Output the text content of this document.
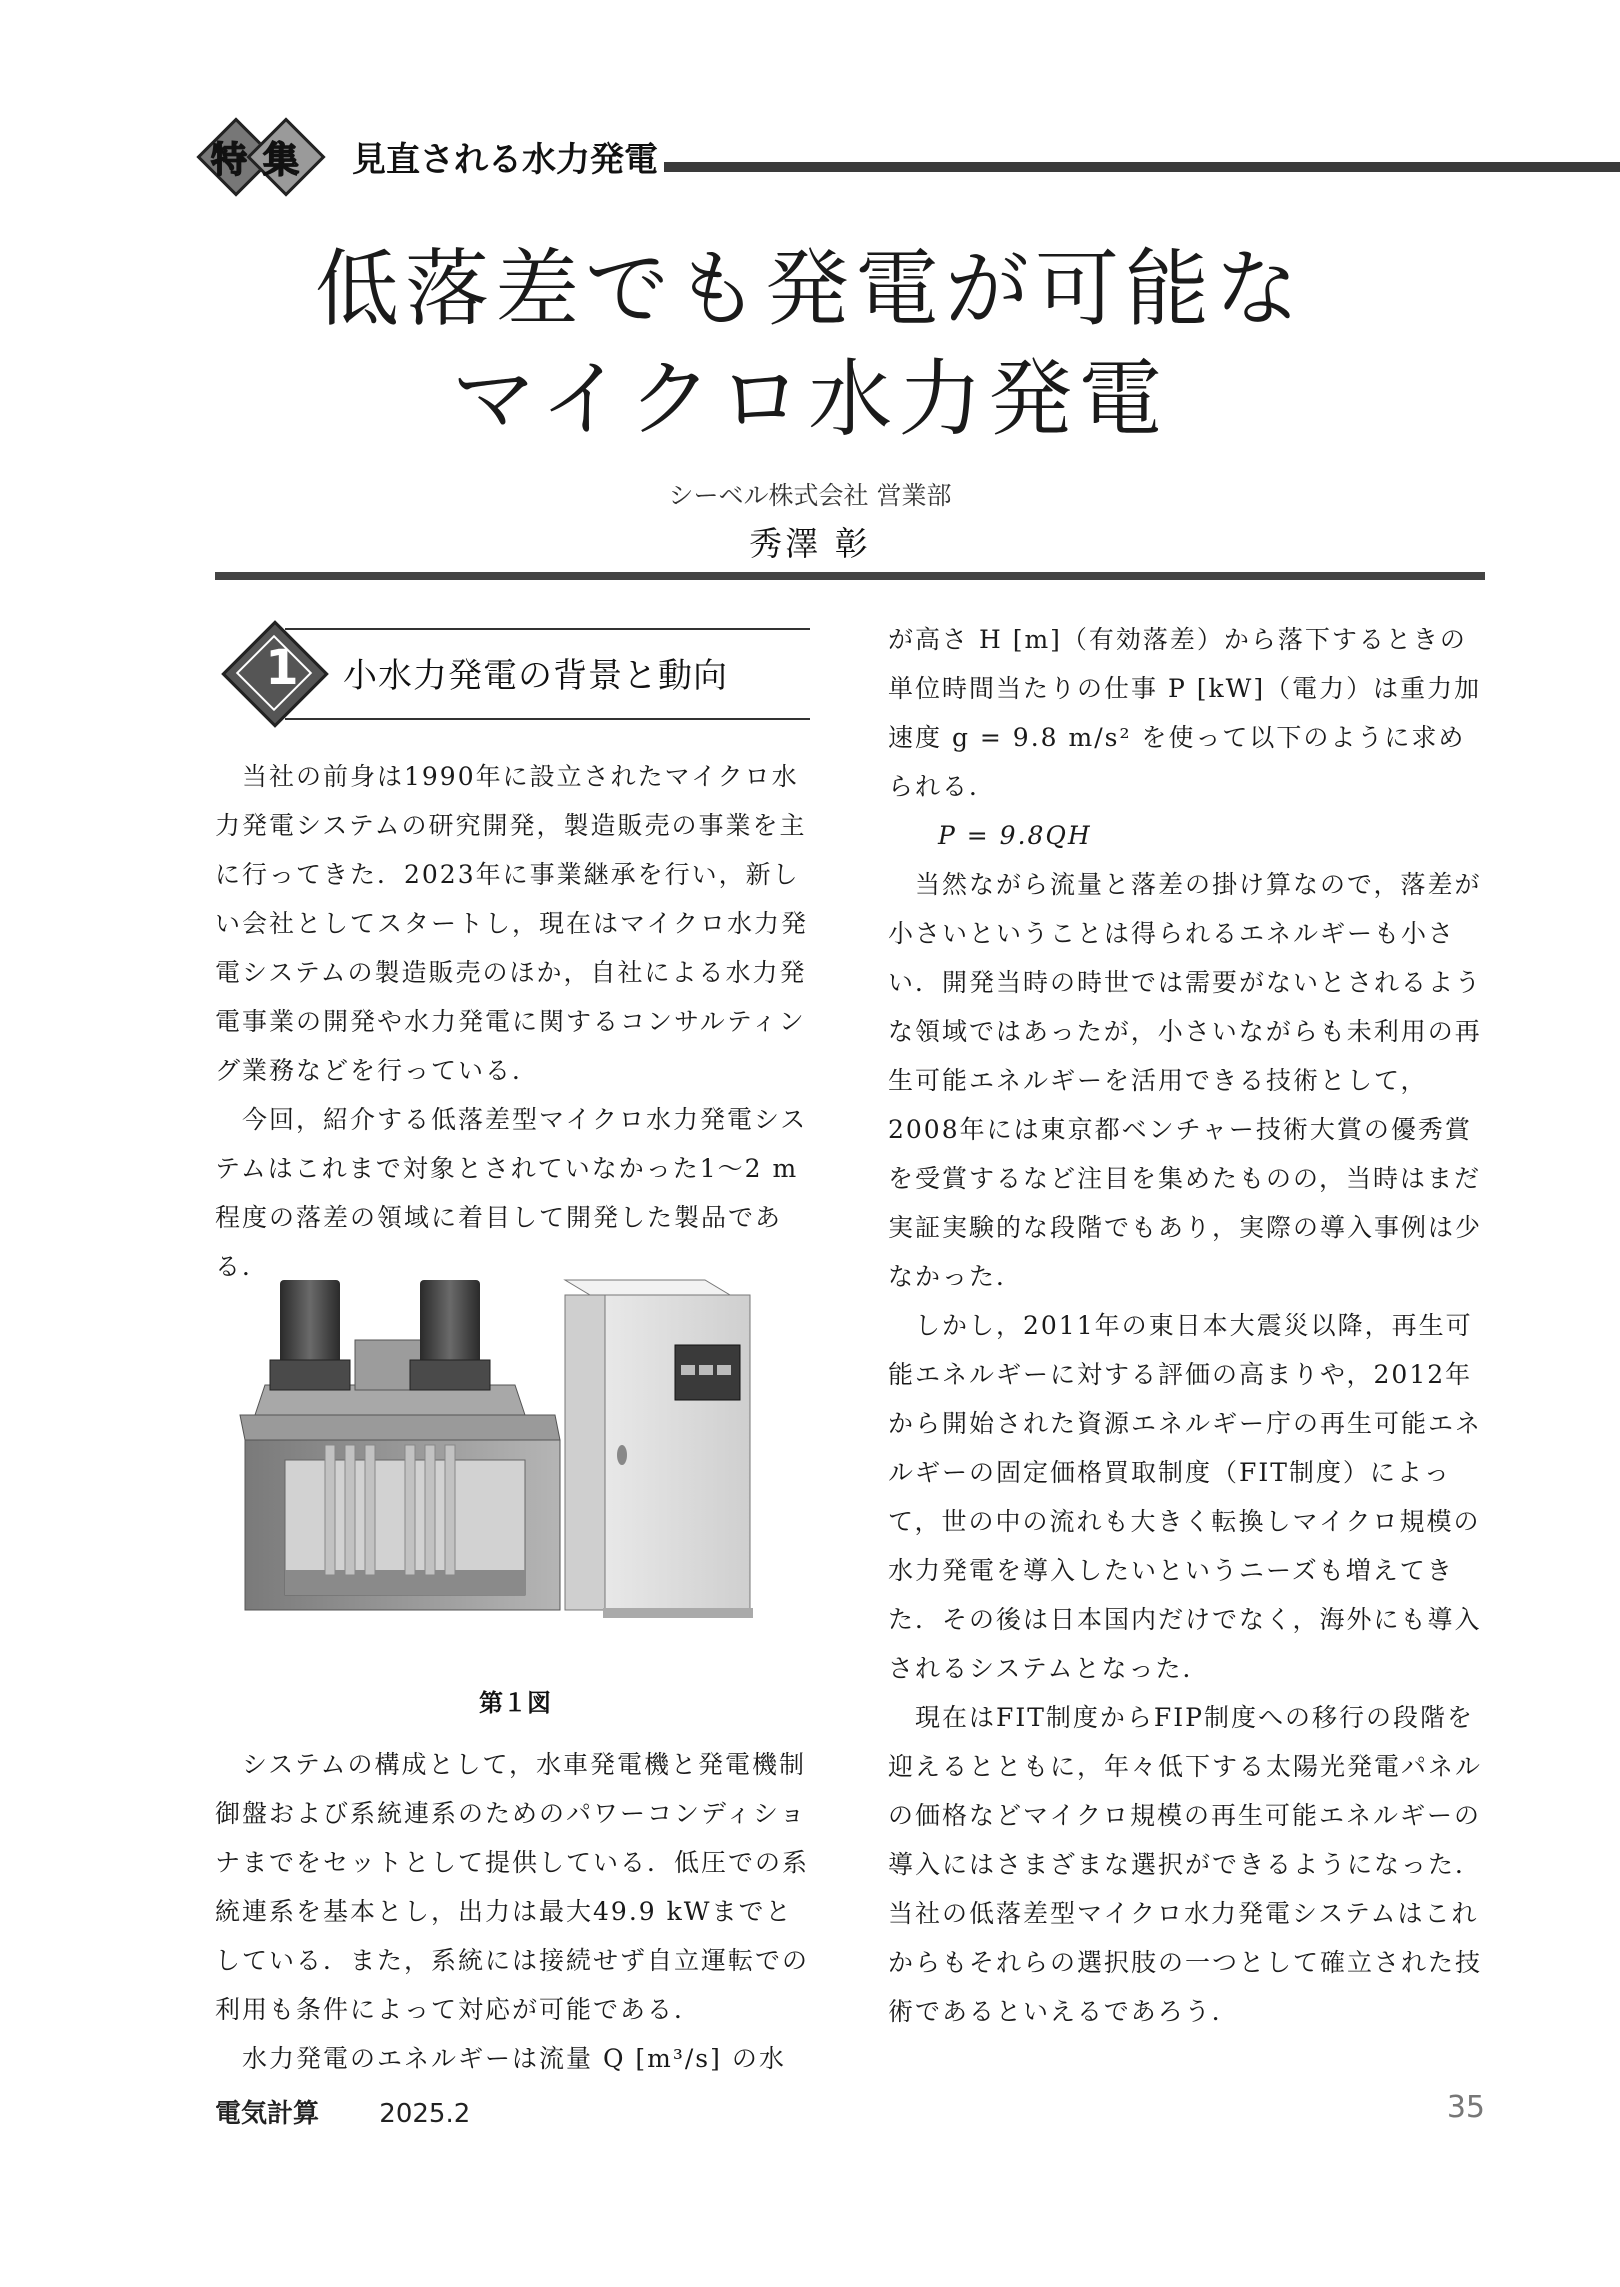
特 集 見直される水力発電
低落差でも発電が可能な
マイクロ水力発電
シーベル株式会社 営業部
秀澤 彰
1 小水力発電の背景と動向

当社の前身は1990年に設立されたマイクロ水力発電システムの研究開発，製造販売の事業を主に行ってきた．2023年に事業継承を行い，新しい会社としてスタートし，現在はマイクロ水力発電システムの製造販売のほか，自社による水力発電事業の開発や水力発電に関するコンサルティング業務などを行っている．

今回，紹介する低落差型マイクロ水力発電システムはこれまで対象とされていなかった1〜2 m程度の落差の領域に着目して開発した製品である．

第１図

システムの構成として，水車発電機と発電機制御盤および系統連系のためのパワーコンディショナまでをセットとして提供している．低圧での系統連系を基本とし，出力は最大49.9 kWまでとしている．また，系統には接続せず自立運転での利用も条件によって対応が可能である．

水力発電のエネルギーは流量 Q [m³/s] の水

が高さ H [m]（有効落差）から落下するときの単位時間当たりの仕事 P [kW]（電力）は重力加速度 g = 9.8 m/s² を使って以下のように求められる．

P = 9.8QH

当然ながら流量と落差の掛け算なので，落差が小さいということは得られるエネルギーも小さい．開発当時の時世では需要がないとされるような領域ではあったが，小さいながらも未利用の再生可能エネルギーを活用できる技術として，2008年には東京都ベンチャー技術大賞の優秀賞を受賞するなど注目を集めたものの，当時はまだ実証実験的な段階でもあり，実際の導入事例は少なかった．

しかし，2011年の東日本大震災以降，再生可能エネルギーに対する評価の高まりや，2012年から開始された資源エネルギー庁の再生可能エネルギーの固定価格買取制度（FIT制度）によって，世の中の流れも大きく転換しマイクロ規模の水力発電を導入したいというニーズも増えてきた．その後は日本国内だけでなく，海外にも導入されるシステムとなった．

現在はFIT制度からFIP制度への移行の段階を迎えるとともに，年々低下する太陽光発電パネルの価格などマイクロ規模の再生可能エネルギーの導入にはさまざまな選択ができるようになった．当社の低落差型マイクロ水力発電システムはこれからもそれらの選択肢の一つとして確立された技術であるといえるであろう．

電気計算 2025.2	35
